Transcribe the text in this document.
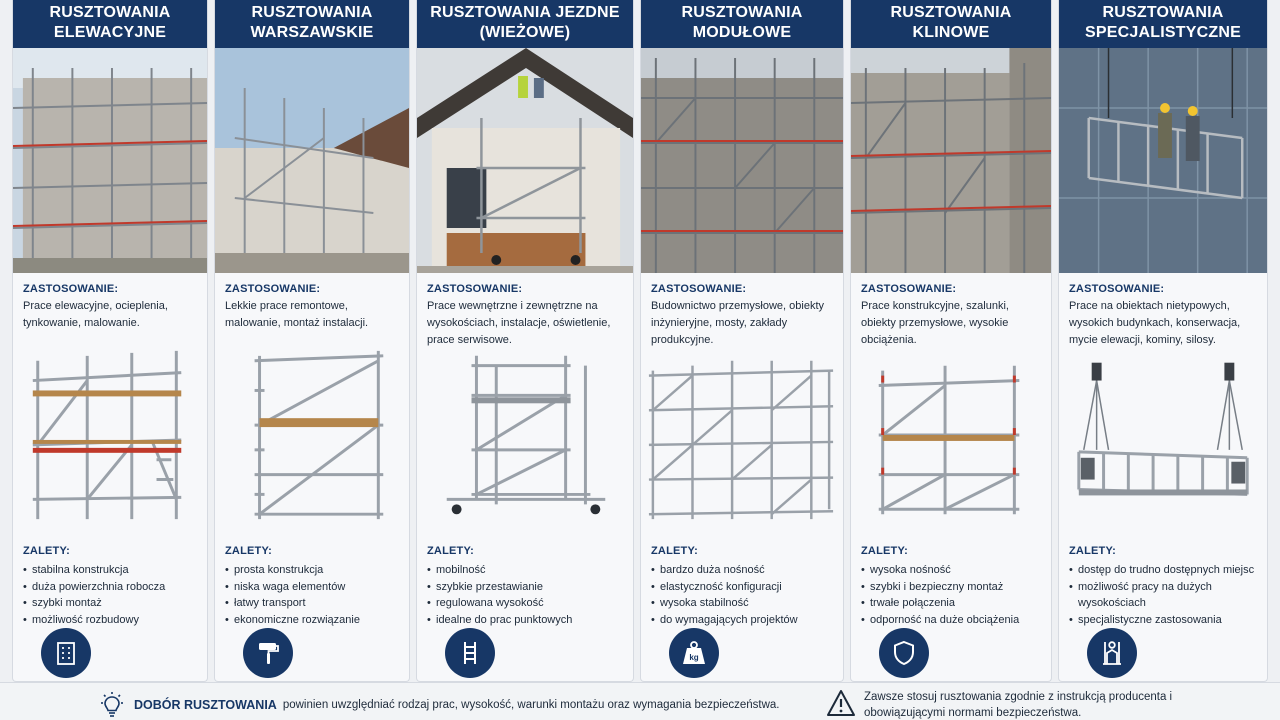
RUSZTOWANIA
ELEWACYJNE
ZASTOSOWANIE:
Prace elewacyjne, ocieplenia, tynkowanie, malowanie.
ZALETY:
• stabilna konstrukcja
• duża powierzchnia robocza
• szybki montaż
• możliwość rozbudowy
RUSZTOWANIA
WARSZAWSKIE
ZASTOSOWANIE:
Lekkie prace remontowe, malowanie, montaż instalacji.
ZALETY:
• prosta konstrukcja
• niska waga elementów
• łatwy transport
• ekonomiczne rozwiązanie
RUSZTOWANIA JEZDNE
(WIEŻOWE)
ZASTOSOWANIE:
Prace wewnętrzne i zewnętrzne na wysokościach, instalacje, oświetlenie, prace serwisowe.
ZALETY:
• mobilność
• szybkie przestawianie
• regulowana wysokość
• idealne do prac punktowych
RUSZTOWANIA
MODUŁOWE
ZASTOSOWANIE:
Budownictwo przemysłowe, obiekty inżynieryjne, mosty, zakłady produkcyjne.
ZALETY:
• bardzo duża nośność
• elastyczność konfiguracji
• wysoka stabilność
• do wymagających projektów
kg
RUSZTOWANIA
KLINOWE
ZASTOSOWANIE:
Prace konstrukcyjne, szalunki, obiekty przemysłowe, wysokie obciążenia.
ZALETY:
• wysoka nośność
• szybki i bezpieczny montaż
• trwałe połączenia
• odporność na duże obciążenia
RUSZTOWANIA
SPECJALISTYCZNE
ZASTOSOWANIE:
Prace na obiektach nietypowych, wysokich budynkach, konserwacja, mycie elewacji, kominy, silosy.
ZALETY:
• dostęp do trudno dostępnych miejsc
• możliwość pracy na dużych wysokościach
• specjalistyczne zastosowania
DOBÓR RUSZTOWANIA powinien uwzględniać rodzaj prac, wysokość, warunki montażu oraz wymagania bezpieczeństwa.
Zawsze stosuj rusztowania zgodnie z instrukcją producenta i obowiązującymi normami bezpieczeństwa.
